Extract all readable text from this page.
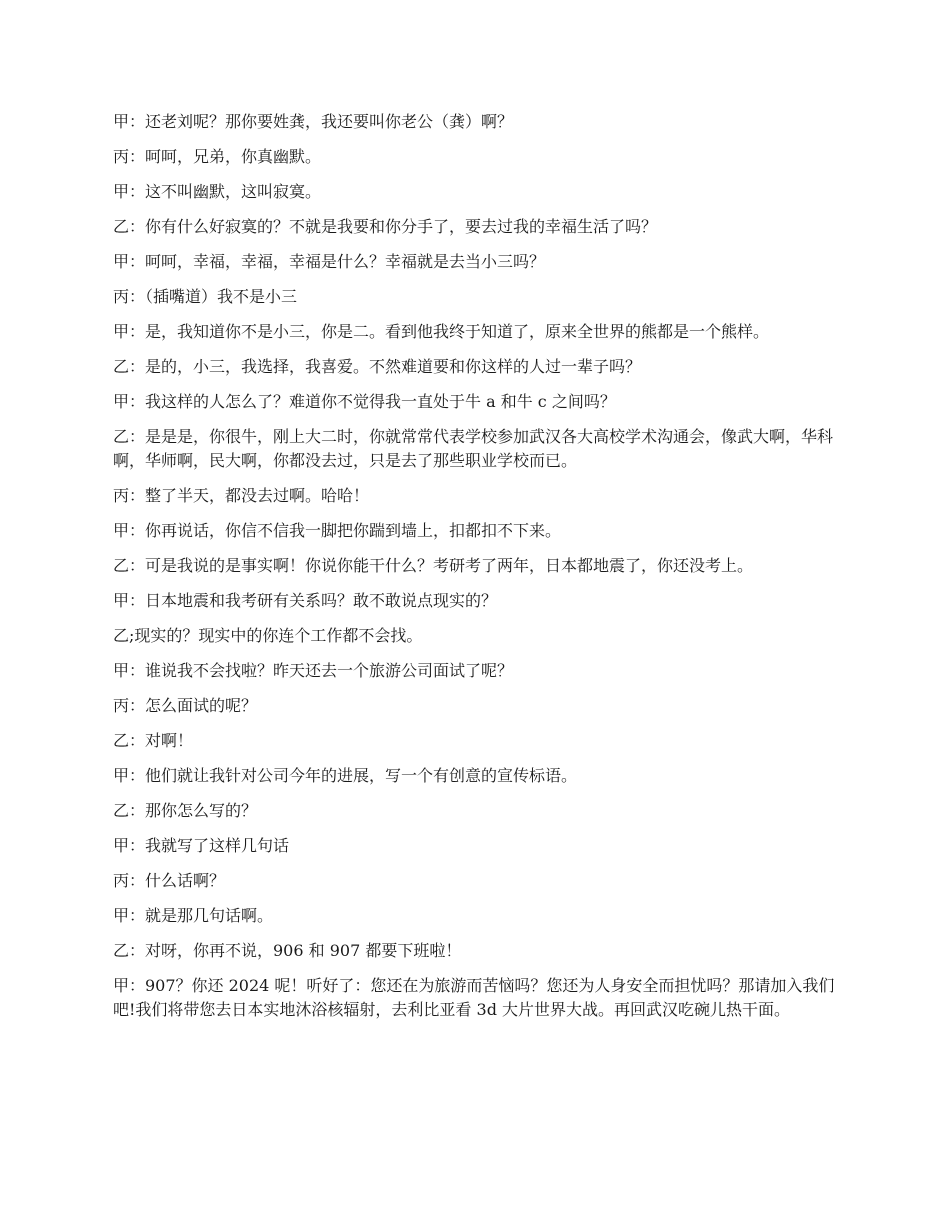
甲：还老刘呢？那你要姓龚，我还要叫你老公（龚）啊？

丙：呵呵，兄弟，你真幽默。

甲：这不叫幽默，这叫寂寞。

乙：你有什么好寂寞的？不就是我要和你分手了，要去过我的幸福生活了吗？

甲：呵呵，幸福，幸福，幸福是什么？幸福就是去当小三吗？

丙：（插嘴道）我不是小三

甲：是，我知道你不是小三，你是二。看到他我终于知道了，原来全世界的熊都是一个熊样。

乙：是的，小三，我选择，我喜爱。不然难道要和你这样的人过一辈子吗？

甲：我这样的人怎么了？难道你不觉得我一直处于牛 a 和牛 c 之间吗？

乙：是是是，你很牛，刚上大二时，你就常常代表学校参加武汉各大高校学术沟通会，像武大啊，华科啊，华师啊，民大啊，你都没去过，只是去了那些职业学校而已。

丙：整了半天，都没去过啊。哈哈！

甲：你再说话，你信不信我一脚把你踹到墙上，扣都扣不下来。

乙：可是我说的是事实啊！你说你能干什么？考研考了两年，日本都地震了，你还没考上。

甲：日本地震和我考研有关系吗？敢不敢说点现实的？

乙;现实的？现实中的你连个工作都不会找。

甲：谁说我不会找啦？昨天还去一个旅游公司面试了呢？

丙：怎么面试的呢？

乙：对啊！

甲：他们就让我针对公司今年的进展，写一个有创意的宣传标语。

乙：那你怎么写的？

甲：我就写了这样几句话

丙：什么话啊？

甲：就是那几句话啊。

乙：对呀，你再不说，906 和 907 都要下班啦！

甲：907？你还 2024 呢！听好了：您还在为旅游而苦恼吗？您还为人身安全而担忧吗？那请加入我们吧!我们将带您去日本实地沐浴核辐射，去利比亚看 3d 大片世界大战。再回武汉吃碗儿热干面。
